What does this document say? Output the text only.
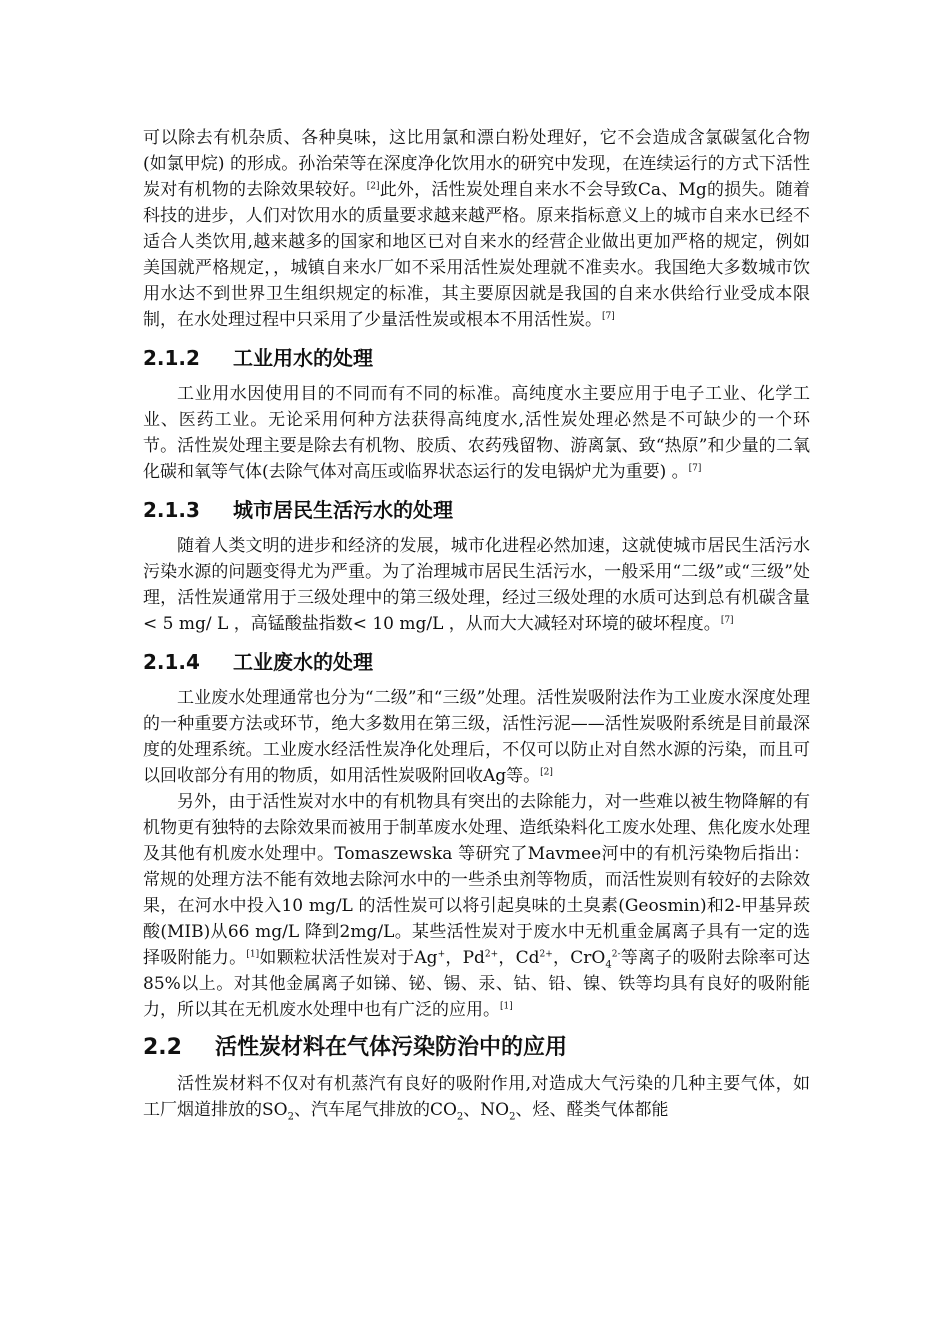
可以除去有机杂质、各种臭味，这比用氯和漂白粉处理好，它不会造成含氯碳氢化合物(如氯甲烷) 的形成。孙治荣等在深度净化饮用水的研究中发现，在连续运行的方式下活性炭对有机物的去除效果较好。[2]此外，活性炭处理自来水不会导致Ca、Mg的损失。随着科技的进步，人们对饮用水的质量要求越来越严格。原来指标意义上的城市自来水已经不适合人类饮用,越来越多的国家和地区已对自来水的经营企业做出更加严格的规定，例如美国就严格规定，，城镇自来水厂如不采用活性炭处理就不准卖水。我国绝大多数城市饮用水达不到世界卫生组织规定的标准，其主要原因就是我国的自来水供给行业受成本限制，在水处理过程中只采用了少量活性炭或根本不用活性炭。[7]

2.1.2 工业用水的处理

工业用水因使用目的不同而有不同的标准。高纯度水主要应用于电子工业、化学工业、医药工业。无论采用何种方法获得高纯度水,活性炭处理必然是不可缺少的一个环节。活性炭处理主要是除去有机物、胶质、农药残留物、游离氯、致“热原”和少量的二氧化碳和氧等气体(去除气体对高压或临界状态运行的发电锅炉尤为重要) 。[7]

2.1.3 城市居民生活污水的处理

随着人类文明的进步和经济的发展，城市化进程必然加速，这就使城市居民生活污水污染水源的问题变得尤为严重。为了治理城市居民生活污水，一般采用“二级”或“三级”处理，活性炭通常用于三级处理中的第三级处理，经过三级处理的水质可达到总有机碳含量< 5 mg/ L ，高锰酸盐指数< 10 mg/L ，从而大大减轻对环境的破坏程度。[7]

2.1.4 工业废水的处理

工业废水处理通常也分为“二级”和“三级”处理。活性炭吸附法作为工业废水深度处理的一种重要方法或环节，绝大多数用在第三级，活性污泥——活性炭吸附系统是目前最深度的处理系统。工业废水经活性炭净化处理后，不仅可以防止对自然水源的污染，而且可以回收部分有用的物质，如用活性炭吸附回收Ag等。[2]

另外，由于活性炭对水中的有机物具有突出的去除能力，对一些难以被生物降解的有机物更有独特的去除效果而被用于制革废水处理、造纸染料化工废水处理、焦化废水处理及其他有机废水处理中。Tomaszewska 等研究了Mavmee河中的有机污染物后指出：常规的处理方法不能有效地去除河水中的一些杀虫剂等物质，而活性炭则有较好的去除效果，在河水中投入10 mg/L 的活性炭可以将引起臭味的土臭素(Geosmin)和2-甲基异莰酸(MIB)从66 mg/L 降到2mg/L。某些活性炭对于废水中无机重金属离子具有一定的选择吸附能力。[1]如颗粒状活性炭对于Ag+，$Pd^{2+}$，$Cd^{2+}$，CrO$_4^{2-}$等离子的吸附去除率可达85%以上。对其他金属离子如锑、铋、锡、汞、钴、铅、镍、铁等均具有良好的吸附能力，所以其在无机废水处理中也有广泛的应用。[1]

2.2 活性炭材料在气体污染防治中的应用

活性炭材料不仅对有机蒸汽有良好的吸附作用,对造成大气污染的几种主要气体，如工厂烟道排放的$SO_2$、汽车尾气排放的$CO_2$、$NO_2$、烃、醛类气体都能
